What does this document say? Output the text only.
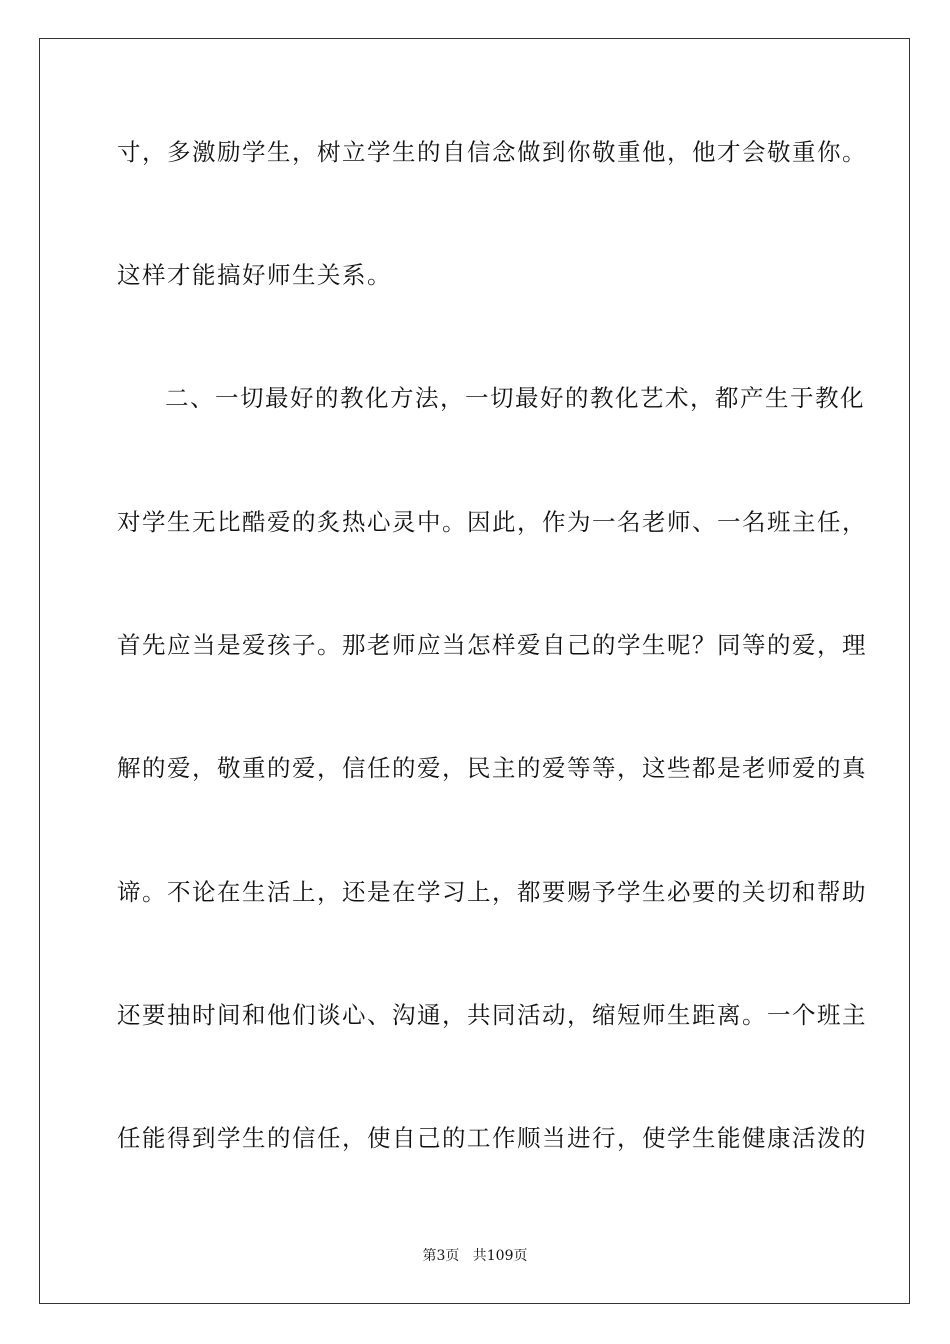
寸，多激励学生，树立学生的自信念做到你敬重他，他才会敬重你。
这样才能搞好师生关系。
二、一切最好的教化方法，一切最好的教化艺术，都产生于教化
对学生无比酷爱的炙热心灵中。因此，作为一名老师、一名班主任，
首先应当是爱孩子。那老师应当怎样爱自己的学生呢？同等的爱，理
解的爱，敬重的爱，信任的爱，民主的爱等等，这些都是老师爱的真
谛。不论在生活上，还是在学习上，都要赐予学生必要的关切和帮助
还要抽时间和他们谈心、沟通，共同活动，缩短师生距离。一个班主
任能得到学生的信任，使自己的工作顺当进行，使学生能健康活泼的
第3页   共109页
